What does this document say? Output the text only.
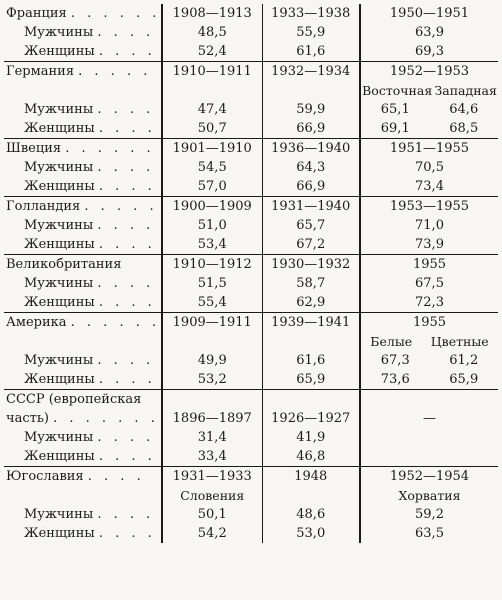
Франция . . . . . .	1908—1913	1933—1938	1950—1951
Мужчины . . . .	48,5	55,9	63,9
Женщины . . . .	52,4	61,6	69,3
Германия . . . . .	1910—1911	1932—1934	1952—1953

			Восточная Западная

Мужчины . . . .	47,4	59,9	65,1 64,6

Женщины . . . .	50,7	66,9	69,1 68,5

Швеция . . . . . .	1901—1910	1936—1940	1951—1955
Мужчины . . . .	54,5	64,3	70,5
Женщины . . . .	57,0	66,9	73,4
Голландия . . . . .	1900—1909	1931—1940	1953—1955
Мужчины . . . .	51,0	65,7	71,0
Женщины . . . .	53,4	67,2	73,9
Великобритания	1910—1912	1930—1932	1955
Мужчины . . . .	51,5	58,7	67,5
Женщины . . . .	55,4	62,9	72,3
Америка . . . . . .	1909—1911	1939—1941	1955

			Белые Цветные

Мужчины . . . .	49,9	61,6	67,3 61,2

Женщины . . . .	53,2	65,9	73,6 65,9

СССР (европейская			
часть) . . . . . . .	1896—1897	1926—1927	—
Мужчины . . . .	31,4	41,9	
Женщины . . . .	33,4	46,8	
Югославия . . . .	1931—1933	1948	1952—1954
	Словения		Хорватия
Мужчины . . . .	50,1	48,6	59,2
Женщины . . . .	54,2	53,0	63,5
